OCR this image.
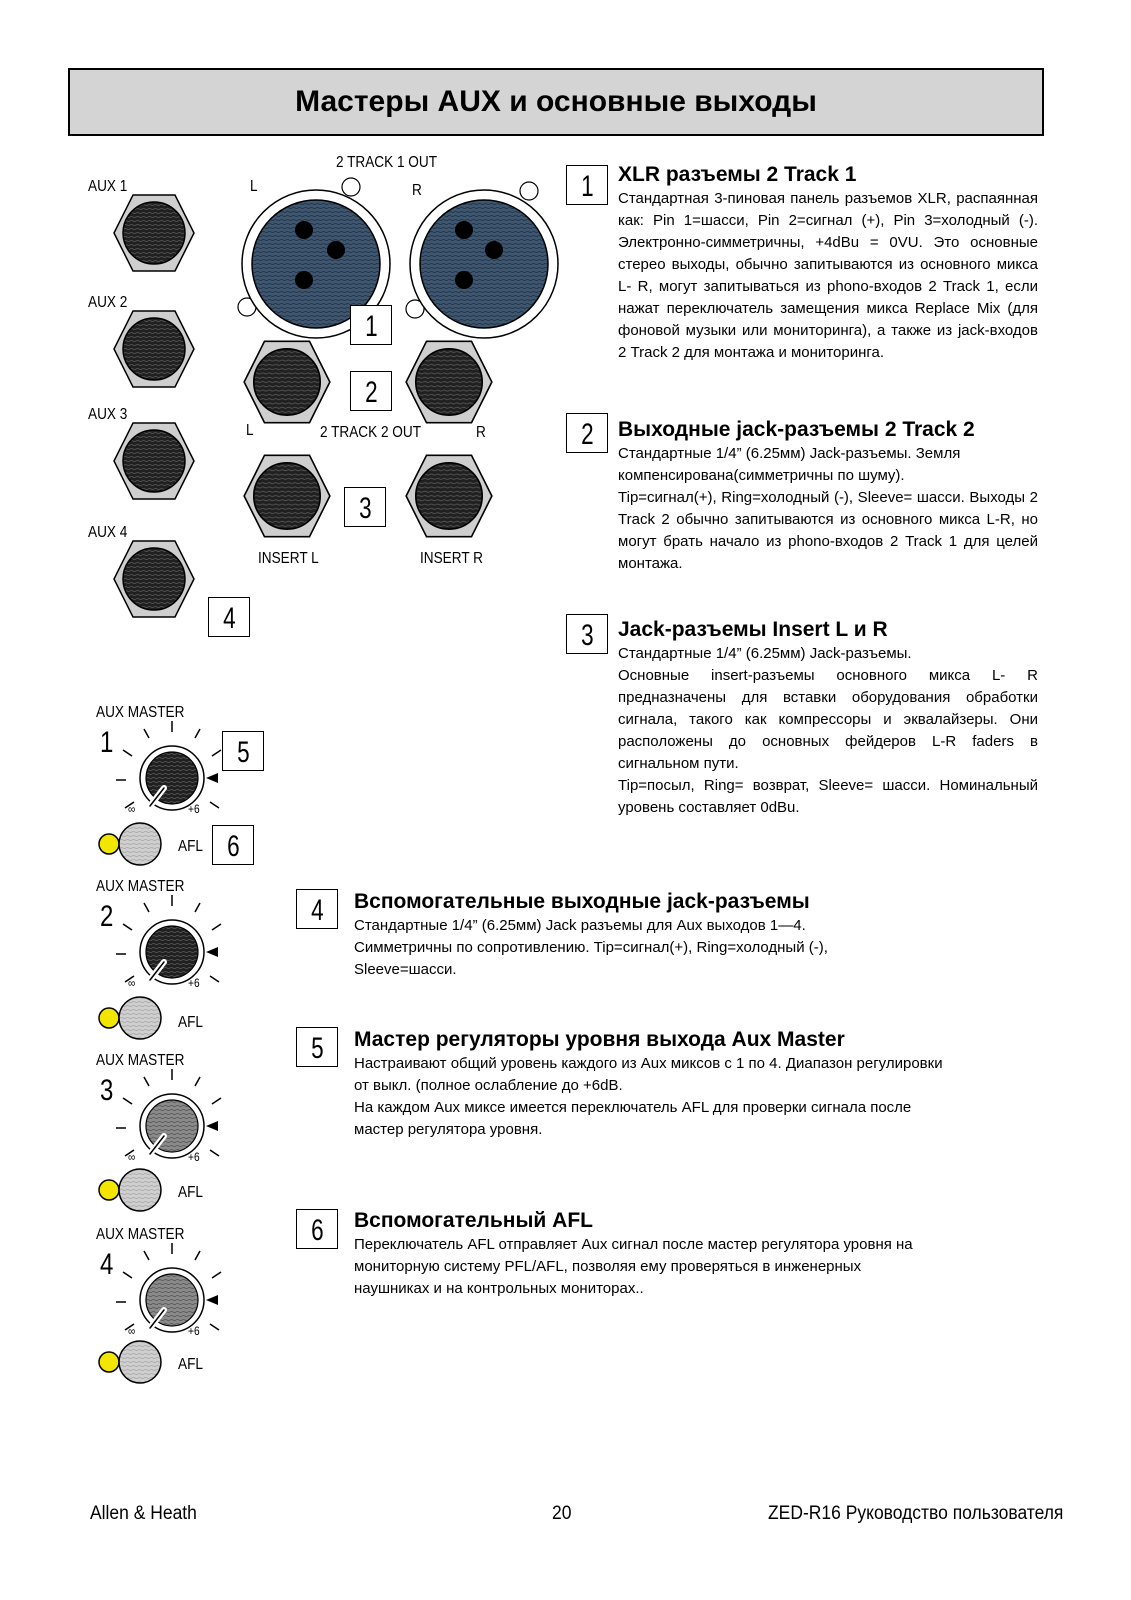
Мастеры AUX и основные выходы
AUX 1
AUX 2
AUX 3
AUX 4
2 TRACK 1 OUT
L	R
L	2 TRACK 2 OUT	R
INSERT L	INSERT R
1
2
3
4
5
6
AUX MASTER
1
∞	+6
AFL
AUX MASTER
2
∞	+6
AFL
AUX MASTER
3
∞	+6
AFL
AUX MASTER
4
∞	+6
AFL
1 XLR разъемы 2 Track 1

Стандартная 3-пиновая панель разъемов XLR, распаянная как: Pin 1=шасси, Pin 2=сигнал (+), Pin 3=холодный (-). Электронно-симметричны, +4dBu = 0VU. Это основные стерео выходы, обычно запитываются из основного микса L- R, могут запитываться из phono-входов 2 Track 1, если нажат переключатель замещения микса Replace Mix (для фоновой музыки или мониторинга), а также из jack-входов 2 Track 2 для монтажа и мониторинга.

2 Выходные jack-разъемы 2 Track 2

Стандартные 1/4” (6.25мм) Jack-разъемы. Земля компенсирована(симметричны по шуму).

Tip=сигнал(+), Ring=холодный (-), Sleeve= шасси. Выходы 2 Track 2 обычно запитываются из основного микса L-R, но могут брать начало из phono-входов 2 Track 1 для целей монтажа.

3 Jack-разъемы Insert L и R

Стандартные 1/4” (6.25мм) Jack-разъемы.

Основные insert-разъемы основного микса L- R предназначены для вставки оборудования обработки сигнала, такого как компрессоры и эквалайзеры. Они расположены до основных фейдеров L-R faders в сигнальном пути.

Tip=посыл, Ring= возврат, Sleeve= шасси. Номинальный уровень составляет 0dBu.

4 Вспомогательные выходные jack-разъемы

Стандартные 1/4” (6.25мм) Jack разъемы для Aux выходов 1—4.

Симметричны по сопротивлению. Tip=сигнал(+), Ring=холодный (-),

Sleeve=шасси.

5 Мастер регуляторы уровня выхода Aux Master

Настраивают общий уровень каждого из Aux миксов с 1 по 4. Диапазон регулировки

от выкл. (полное ослабление до +6dB.

На каждом Aux миксе имеется переключатель AFL для проверки сигнала после

мастер регулятора уровня.

6 Вспомогательный AFL

Переключатель AFL отправляет Aux сигнал после мастер регулятора уровня на

мониторную систему PFL/AFL, позволяя ему проверяться в инженерных

наушниках и на контрольных мониторах..

Allen & Heath	20	ZED-R16 Руководство пользователя
